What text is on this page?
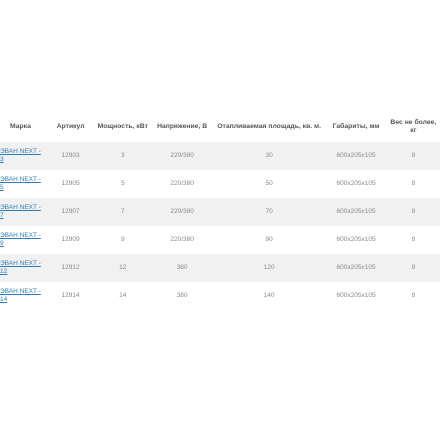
Марка	Артикул	Мощность, кВт	Напряжение, В	Отапливаемая площадь, кв. м.	Габариты, мм	Вес не более, кг
ЭВАН NEXT - 3	12903	3	220/380	30	600х205х105	8
ЭВАН NEXT - 5	12905	5	220/380	50	600х205х105	8
ЭВАН NEXT - 7	12907	7	220/380	70	600х205х105	8
ЭВАН NEXT - 9	12909	9	220/380	90	600х205х105	9
ЭВАН NEXT - 12	12912	12	380	120	600х205х105	9
ЭВАН NEXT - 14	12914	14	380	140	600х205х105	9
